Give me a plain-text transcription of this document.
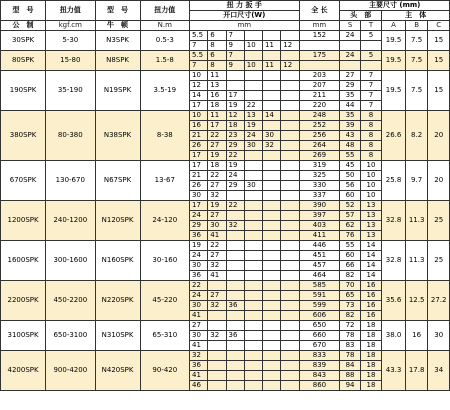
型　号	扭力值	型　号	扭力值	扭 力 扳 手						全 长	主要尺寸 (mm)				
				开口尺寸(W)							头　部		主　体		
公　制	kgf.cm	牛　顿	N.m	mm						mm	S	T	A	B	C
30SPK	5-30	N3SPK	0.5-3	5.5	6	7				152	24	5	19.5	7.5	15
				7	8	9	10	11	12						
80SPK	15-80	N8SPK	1.5-8	5.5	6	7				175	24	5	19.5	7.5	15
				7	8	9	10	11	12						
190SPK	35-190	N19SPK	3.5-19	10	11					203	27	7	19.5	7.5	15
				12	13					207	29	7			
				14	16	17				211	35	7			
				17	18	19	22			220	44	7			
380SPK	80-380	N38SPK	8-38	10	11	12	13	14		248	35	8	26.6	8.2	20
				16	17	18	19			252	39	8			
				21	22	23	24	30		256	43	8			
				26	27	29	30	32		264	48	8			
				17	19	22				269	55	8			
670SPK	130-670	N67SPK	13-67	17	18	19				319	45	10	25.8	9.7	20
				21	22	24				325	50	10			
				26	27	29	30			330	56	10			
				30	32					337	60	10			
1200SPK	240-1200	N120SPK	24-120	17	19	22				390	52	13	32.8	11.3	25
				24	27					397	57	13			
				29	30	32				403	62	13			
				36	41					411	76	13			
1600SPK	300-1600	N160SPK	30-160	19	22					446	55	14	32.8	11.3	25
				24	27					451	60	14			
				30	32					457	66	14			
				36	41					464	82	14			
2200SPK	450-2200	N220SPK	45-220	22						585	70	16	35.6	12.5	27.2
				24	27					591	65	16			
				30	32	36				599	73	16			
				41						606	82	16			
3100SPK	650-3100	N310SPK	65-310	27						650	72	18	38.0	16	30
				30	32	36				660	78	18			
				41						670	83	18			
4200SPK	900-4200	N420SPK	90-420	32						833	78	18	43.3	17.8	34
				36						839	84	18			
				41						843	88	18			
				46						860	94	18			
